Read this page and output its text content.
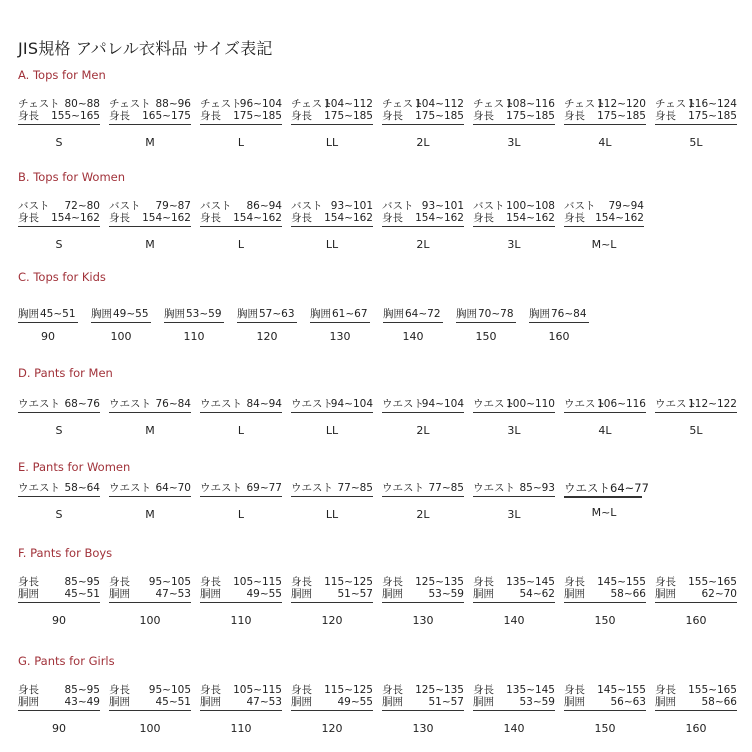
JIS規格 アパレル衣料品 サイズ表記
A. Tops for Men
チェスト 80~88
身長 155~165
S
チェスト 88~96
身長 165~175
M
チェスト
96~104
身長 175~185
L
チェスト
104~112
身長 175~185
LL
チェスト
104~112
身長 175~185
2L
チェスト
108~116
身長 175~185
3L
チェスト
112~120
身長 175~185
4L
チェスト
116~124
身長 175~185
5L
B. Tops for Women
バスト 72~80
身長 154~162
S
バスト 79~87
身長 154~162
M
バスト 86~94
身長 154~162
L
バスト 93~101
身長 154~162
LL
バスト 93~101
身長 154~162
2L
バスト 100~108
身長 154~162
3L
バスト 79~94
身長 154~162
M~L
C. Tops for Kids
胸囲 45~51
90
胸囲 49~55
100
胸囲 53~59
110
胸囲 57~63
120
胸囲 61~67
130
胸囲 64~72
140
胸囲 70~78
150
胸囲 76~84
160
D. Pants for Men
ウエスト 68~76
S
ウエスト 76~84
M
ウエスト 84~94
L
ウエスト
94~104
LL
ウエスト
94~104
2L
ウエスト
100~110
3L
ウエスト
106~116
4L
ウエスト
112~122
5L
E. Pants for Women
ウエスト 58~64
S
ウエスト 64~70
M
ウエスト 69~77
L
ウエスト 77~85
LL
ウエスト 77~85
2L
ウエスト 85~93
3L
ウエスト 64~77
M~L
F. Pants for Boys
身長 85~95
胴囲 45~51
90
身長 95~105
胴囲 47~53
100
身長 105~115
胴囲 49~55
110
身長 115~125
胴囲 51~57
120
身長 125~135
胴囲 53~59
130
身長 135~145
胴囲 54~62
140
身長 145~155
胴囲 58~66
150
身長 155~165
胴囲 62~70
160
G. Pants for Girls
身長 85~95
胴囲 43~49
90
身長 95~105
胴囲 45~51
100
身長 105~115
胴囲 47~53
110
身長 115~125
胴囲 49~55
120
身長 125~135
胴囲 51~57
130
身長 135~145
胴囲 53~59
140
身長 145~155
胴囲 56~63
150
身長 155~165
胴囲 58~66
160
